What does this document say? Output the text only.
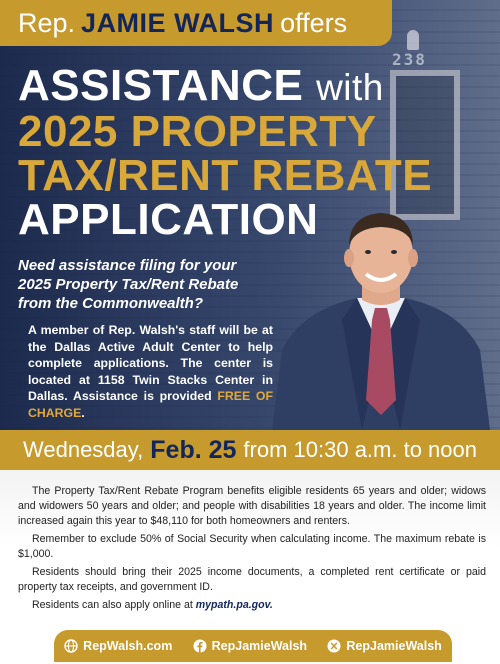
238
Rep. JAMIE WALSH offers
ASSISTANCE with
2025 PROPERTY
TAX/RENT REBATE
APPLICATION
Need assistance filing for your 2025 Property Tax/Rent Rebate from the Commonwealth?
A member of Rep. Walsh's staff will be at the Dallas Active Adult Center to help complete applications. The center is located at 1158 Twin Stacks Center in Dallas. Assistance is provided FREE OF CHARGE.
Wednesday, Feb. 25 from 10:30 a.m. to noon

The Property Tax/Rent Rebate Program benefits eligible residents 65 years and older; widows and widowers 50 years and older; and people with disabilities 18 years and older. The income limit increased again this year to $48,110 for both homeowners and renters.

Remember to exclude 50% of Social Security when calculating income. The maximum rebate is $1,000.

Residents should bring their 2025 income documents, a completed rent certificate or paid property tax receipts, and government ID.

Residents can also apply online at mypath.pa.gov.

RepWalsh.com	RepJamieWalsh	RepJamieWalsh
